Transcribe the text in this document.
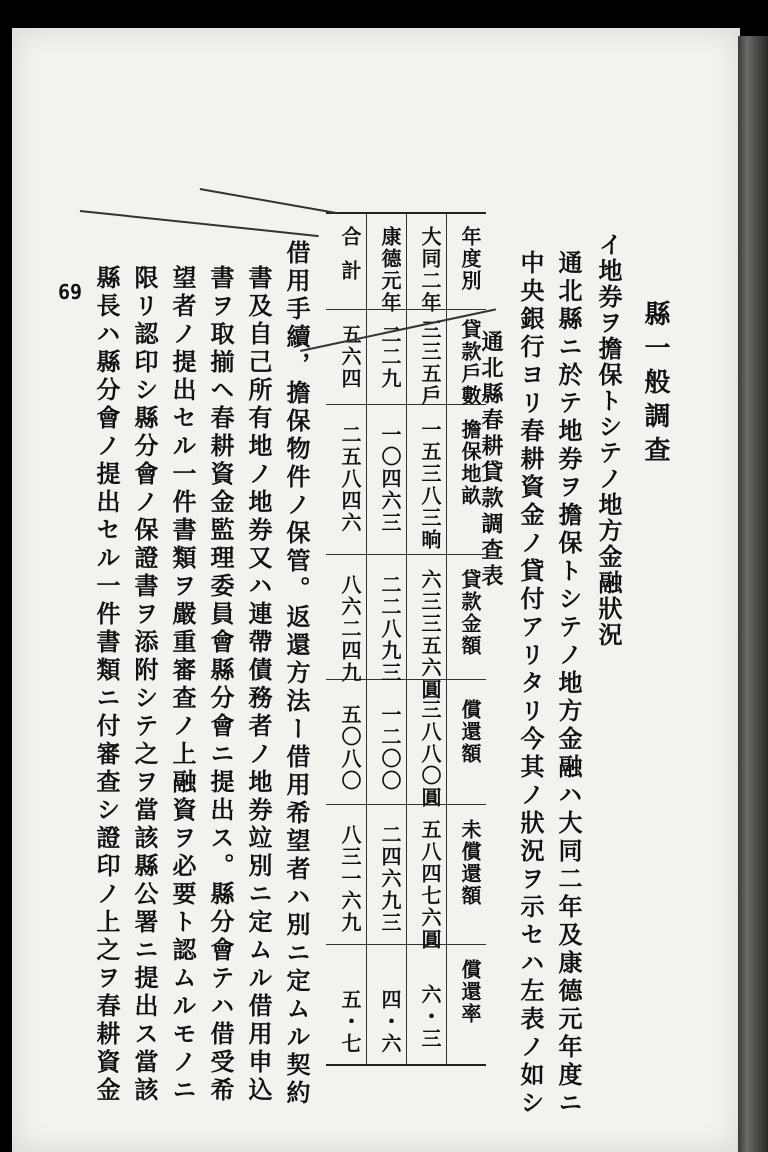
69
縣一般調查
イ地券ヲ擔保トシテノ地方金融狀況
通北縣ニ於テ地券ヲ擔保トシテノ地方金融ハ大同二年及康德元年度ニ
中央銀行ヨリ春耕資金ノ貸付アリタリ今其ノ狀況ヲ示セハ左表ノ如シ
通北縣春耕貸款調查表
年度別
貸款戶數
擔保地畝
貸款金額
償還額
未償還額
償還率
大同二年
三三五戶
一五三八三晌
六三三五六圓
三八八〇圓
五八四七六圓
六・三
康德元年
二二九
一〇四六三
二二八九三
一二〇〇
二四六九三
四・六
合計
五六四
二五八四六
八六二四九
五〇八〇
八三一六九
五・七
借用手續，擔保物件ノ保管。返還方法ー借用希望者ハ別ニ定ムル契約
書及自己所有地ノ地券又ハ連帶債務者ノ地券竝別ニ定ムル借用申込
書ヲ取揃ヘ春耕資金監理委員會縣分會ニ提出ス。縣分會テハ借受希
望者ノ提出セル一件書類ヲ嚴重審查ノ上融資ヲ必要ト認ムルモノニ
限リ認印シ縣分會ノ保證書ヲ添附シテ之ヲ當該縣公署ニ提出ス當該
縣長ハ縣分會ノ提出セル一件書類ニ付審查シ證印ノ上之ヲ春耕資金
